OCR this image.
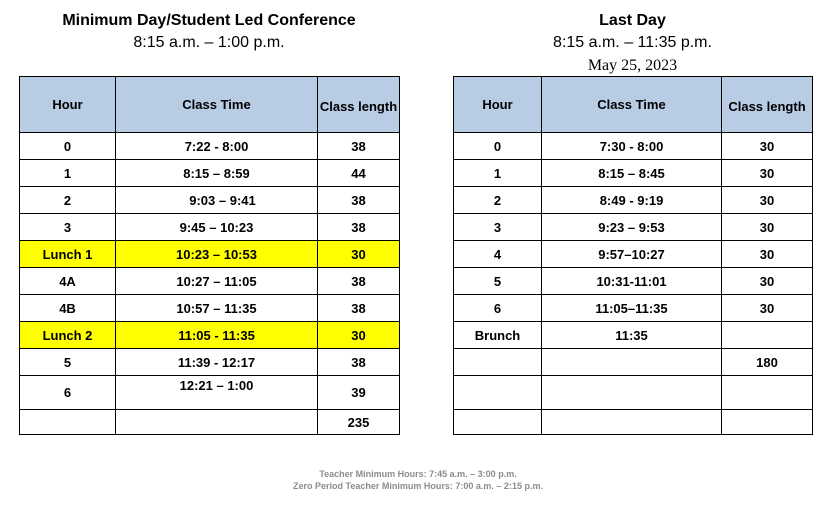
Minimum Day/Student Led Conference
8:15 a.m. – 1:00 p.m.
Last Day
8:15 a.m. – 11:35 p.m.
May 25, 2023
Hour	Class Time	Class length
0	7:22 - 8:00	38
1	8:15 – 8:59	44
2	9:03 – 9:41	38
3	9:45 – 10:23	38
Lunch 1	10:23 – 10:53	30
4A	10:27 – 11:05	38
4B	10:57 – 11:35	38
Lunch 2	11:05 - 11:35	30
5	11:39 - 12:17	38
6	12:21 – 1:00	39
		235
Hour	Class Time	Class length
0	7:30 - 8:00	30
1	8:15 – 8:45	30
2	8:49 - 9:19	30
3	9:23 – 9:53	30
4	9:57–10:27	30
5	10:31-11:01	30
6	11:05–11:35	30
Brunch	11:35	
		180

Teacher Minimum Hours: 7:45 a.m. – 3:00 p.m.
Zero Period Teacher Minimum Hours: 7:00 a.m. – 2:15 p.m.
